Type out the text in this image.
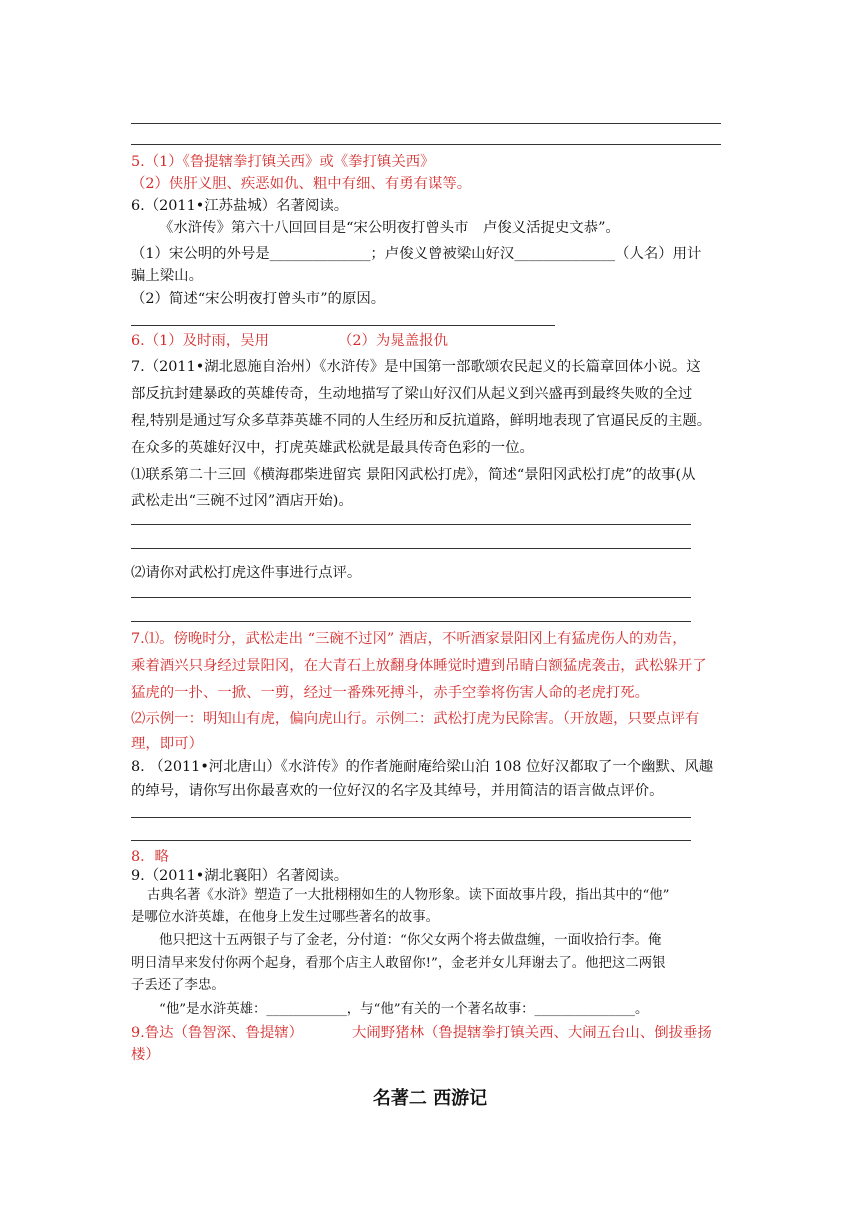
5.（1）《鲁提辖拳打镇关西》或《拳打镇关西》
（2）侠肝义胆、疾恶如仇、粗中有细、有勇有谋等。
6.（2011•江苏盐城）名著阅读。
《水浒传》第六十八回回目是“宋公明夜打曾头市　卢俊义活捉史文恭”。
（1）宋公明的外号是______________；卢俊义曾被梁山好汉______________（人名）用计
骗上梁山。
（2）简述“宋公明夜打曾头市”的原因。
6.（1）及时雨，吴用	（2）为晁盖报仇
7.（2011•湖北恩施自治州）《水浒传》是中国第一部歌颂农民起义的长篇章回体小说。这
部反抗封建暴政的英雄传奇，生动地描写了梁山好汉们从起义到兴盛再到最终失败的全过
程,特别是通过写众多草莽英雄不同的人生经历和反抗道路，鲜明地表现了官逼民反的主题。
在众多的英雄好汉中，打虎英雄武松就是最具传奇色彩的一位。
⑴联系第二十三回《横海郡柴进留宾 景阳冈武松打虎》，简述“景阳冈武松打虎”的故事(从
武松走出“三碗不过冈”酒店开始)。
⑵请你对武松打虎这件事进行点评。
7.⑴。傍晚时分，武松走出 “三碗不过冈” 酒店，不听酒家景阳冈上有猛虎伤人的劝告，
乘着酒兴只身经过景阳冈，在大青石上放翻身体睡觉时遭到吊睛白额猛虎袭击，武松躲开了
猛虎的一扑、一掀、一剪，经过一番殊死搏斗，赤手空拳将伤害人命的老虎打死。
⑵示例一：明知山有虎，偏向虎山行。示例二：武松打虎为民除害。（开放题，只要点评有
理，即可）
8. （2011•河北唐山）《水浒传》的作者施耐庵给梁山泊 108 位好汉都取了一个幽默、风趣
的绰号，请你写出你最喜欢的一位好汉的名字及其绰号，并用简洁的语言做点评价。
8．略
9.（2011•湖北襄阳）名著阅读。
古典名著《水浒》塑造了一大批栩栩如生的人物形象。读下面故事片段，指出其中的“他”
是哪位水浒英雄，在他身上发生过哪些著名的故事。
他只把这十五两银子与了金老，分付道：“你父女两个将去做盘缠，一面收拾行李。俺
明日清早来发付你两个起身，看那个店主人敢留你!”，金老并女儿拜谢去了。他把这二两银
子丢还了李忠。
“他”是水浒英雄：____________，与“他”有关的一个著名故事：_______________。
9.鲁达（鲁智深、鲁提辖）	大闹野猪林（鲁提辖拳打镇关西、大闹五台山、倒拔垂扬
楼）
名著二 西游记
